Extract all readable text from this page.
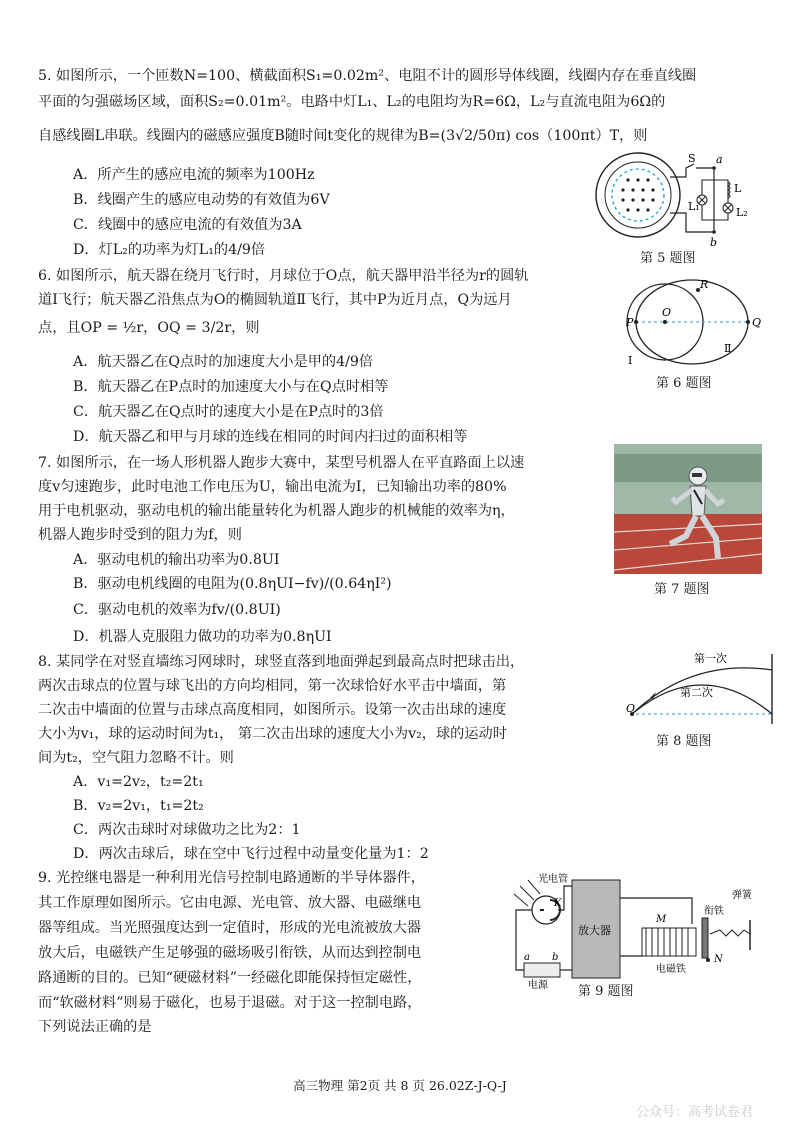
5. 如图所示，一个匝数N=100、横截面积S₁=0.02m²、电阻不计的圆形导体线圈，线圈内存在垂直线圈
平面的匀强磁场区域，面积S₂=0.01m²。电路中灯L₁、L₂的电阻均为R=6Ω，L₂与直流电阻为6Ω的
自感线圈L串联。线圈内的磁感应强度B随时间t变化的规律为B=(3√2/50π) cos（100πt）T，则
A．所产生的感应电流的频率为100Hz
B．线圈产生的感应电动势的有效值为6V
C．线圈中的感应电流的有效值为3A
D．灯L₂的功率为灯L₁的4/9倍
6. 如图所示，航天器在绕月飞行时，月球位于O点，航天器甲沿半径为r的圆轨
道Ⅰ飞行；航天器乙沿焦点为O的椭圆轨道Ⅱ飞行，其中P为近月点，Q为远月
点，且OP = ½r，OQ = 3/2r，则
A．航天器乙在Q点时的加速度大小是甲的4/9倍
B．航天器乙在P点时的加速度大小与在Q点时相等
C．航天器乙在Q点时的速度大小是在P点时的3倍
D．航天器乙和甲与月球的连线在相同的时间内扫过的面积相等
7. 如图所示，在一场人形机器人跑步大赛中，某型号机器人在平直路面上以速
度v匀速跑步，此时电池工作电压为U，输出电流为I，已知输出功率的80%
用于电机驱动，驱动电机的输出能量转化为机器人跑步的机械能的效率为η，
机器人跑步时受到的阻力为f，则
A．驱动电机的输出功率为0.8UI
B．驱动电机线圈的电阻为(0.8ηUI−fv)/(0.64ηI²)
C．驱动电机的效率为fv/(0.8UI)
D．机器人克服阻力做功的功率为0.8ηUI
8. 某同学在对竖直墙练习网球时，球竖直落到地面弹起到最高点时把球击出，
两次击球点的位置与球飞出的方向均相同，第一次球恰好水平击中墙面，第
二次击中墙面的位置与击球点高度相同，如图所示。设第一次击出球的速度
大小为v₁，球的运动时间为t₁， 第二次击出球的速度大小为v₂，球的运动时
间为t₂，空气阻力忽略不计。则
A．v₁=2v₂，t₂=2t₁
B．v₂=2v₁，t₁=2t₂
C．两次击球时对球做功之比为2：1
D．两次击球后，球在空中飞行过程中动量变化量为1：2
9. 光控继电器是一种利用光信号控制电路通断的半导体器件，
其工作原理如图所示。它由电源、光电管、放大器、电磁继电
器等组成。当光照强度达到一定值时，形成的光电流被放大器
放大后，电磁铁产生足够强的磁场吸引衔铁，从而达到控制电
路通断的目的。已知“硬磁材料”一经磁化即能保持恒定磁性，
而“软磁材料”则易于磁化，也易于退磁。对于这一控制电路，
下列说法正确的是
S a
L
L₁	L₂
b
第 5 题图
R
P
O
Q
Ⅰ
Ⅱ
第 6 题图
第 7 题图
第一次
第二次
O
第 8 题图
光电管
K
放大器
M
衔铁
弹簧
N
电磁铁
a b
电源 第 9 题图
高三物理 第2页 共 8 页 26.02Z-J-Q-J
公众号：高考试卷君
